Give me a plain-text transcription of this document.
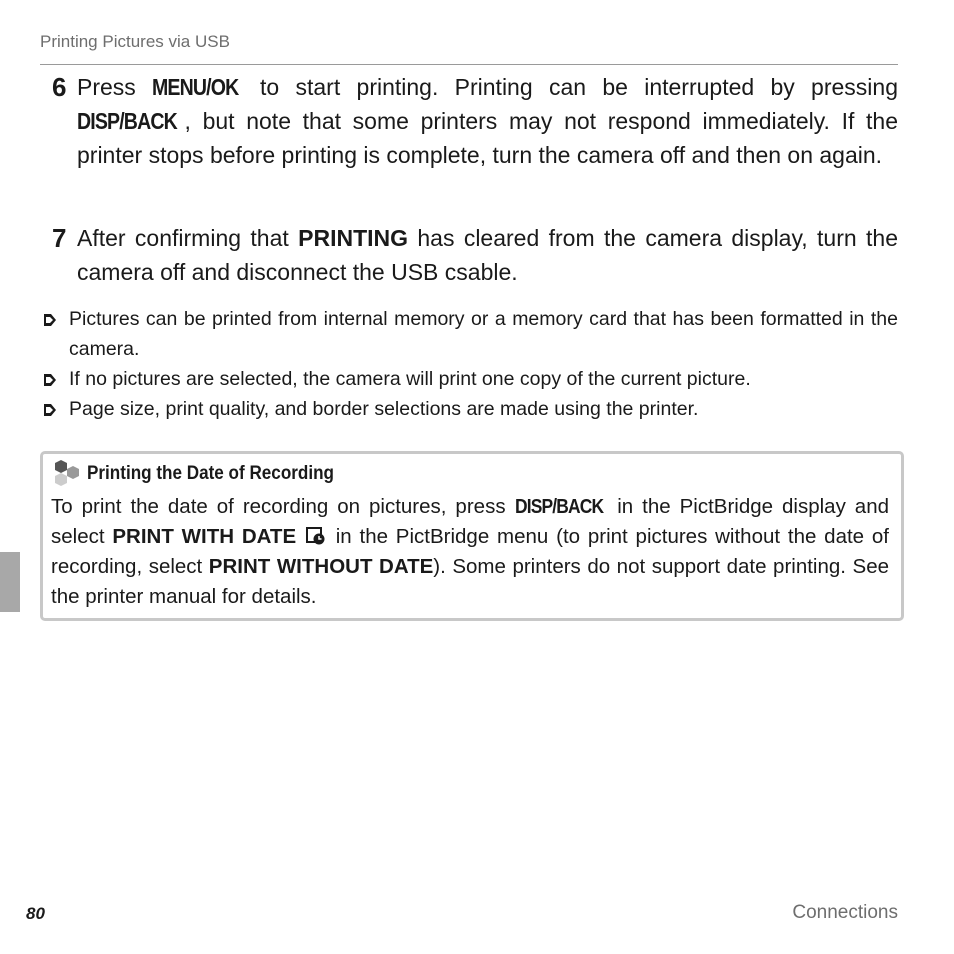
Printing Pictures via USB
6 Press MENU/OK to start printing. Printing can be interrupted by pressing DISP/BACK , but note that some printers may not respond immediately. If the printer stops before printing is complete, turn the camera off and then on again.
7 After confirming that PRINTING has cleared from the camera display, turn the camera off and disconnect the USB csable.
Pictures can be printed from internal memory or a memory card that has been formatted in the camera.
If no pictures are selected, the camera will print one copy of the current picture.
Page size, print quality, and border selections are made using the printer.
Printing the Date of Recording
To print the date of recording on pictures, press DISP/BACK in the PictBridge display and select PRINT WITH DATE  in the PictBridge menu (to print pictures without the date of recording, select PRINT WITHOUT DATE). Some printers do not support date printing. See the printer manual for details.
80	Connections
